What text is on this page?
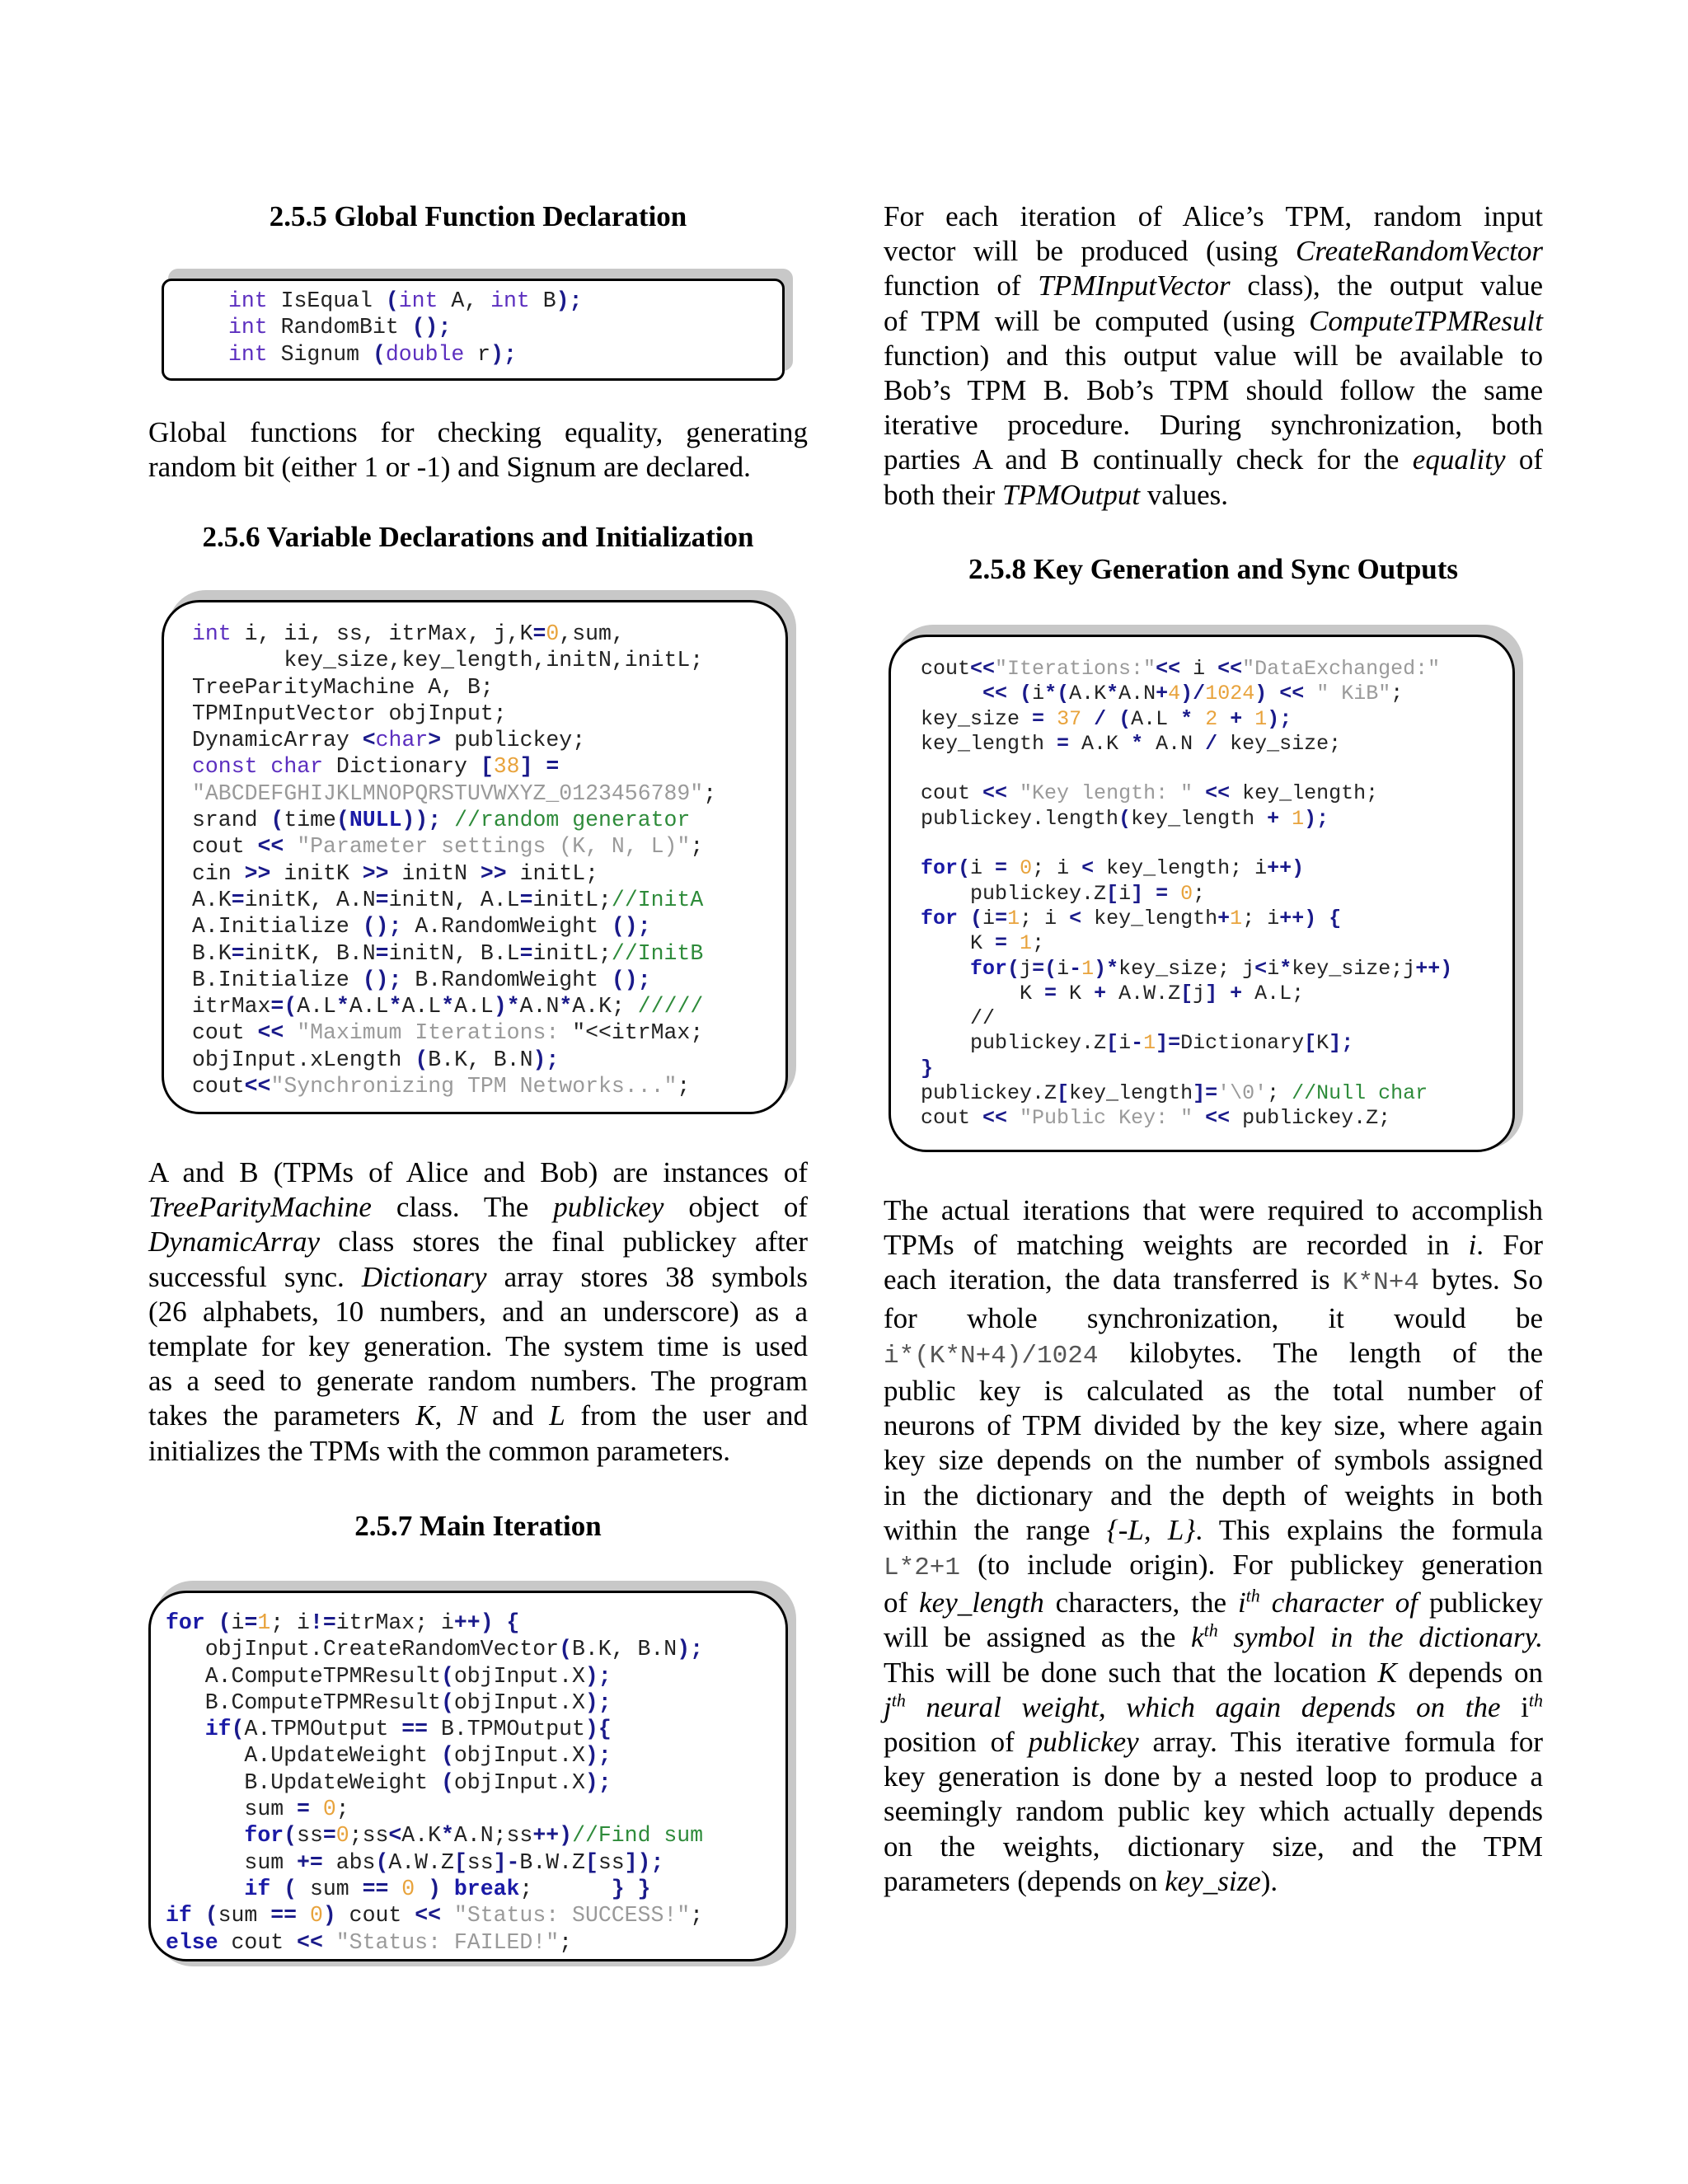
2.5.5 Global Function Declaration
int IsEqual (int A, int B);
int RandomBit ();
int Signum (double r);
Global functions for checking equality, generating
random bit (either 1 or -1) and Signum are declared.
2.5.6 Variable Declarations and Initialization
int i, ii, ss, itrMax, j,K=0,sum,
key_size,key_length,initN,initL;
TreeParityMachine A, B;
TPMInputVector objInput;
DynamicArray <char> publickey;
const char Dictionary [38] =
"ABCDEFGHIJKLMNOPQRSTUVWXYZ_0123456789";
srand (time(NULL)); //random generator
cout << "Parameter settings (K, N, L)";
cin >> initK >> initN >> initL;
A.K=initK, A.N=initN, A.L=initL;//InitA
A.Initialize (); A.RandomWeight ();
B.K=initK, B.N=initN, B.L=initL;//InitB
B.Initialize (); B.RandomWeight ();
itrMax=(A.L*A.L*A.L*A.L)*A.N*A.K; /////
cout << "Maximum Iterations: "<<itrMax;
objInput.xLength (B.K, B.N);
cout<<"Synchronizing TPM Networks...";
A and B (TPMs of Alice and Bob) are instances of
TreeParityMachine class. The publickey object of
DynamicArray class stores the final publickey after
successful sync. Dictionary array stores 38 symbols
(26 alphabets, 10 numbers, and an underscore) as a
template for key generation. The system time is used
as a seed to generate random numbers. The program
takes the parameters K, N and L from the user and
initializes the TPMs with the common parameters.
2.5.7 Main Iteration
for (i=1; i!=itrMax; i++) {
objInput.CreateRandomVector(B.K, B.N);
A.ComputeTPMResult(objInput.X);
B.ComputeTPMResult(objInput.X);
if(A.TPMOutput == B.TPMOutput){
A.UpdateWeight (objInput.X);
B.UpdateWeight (objInput.X);
sum = 0;
for(ss=0;ss<A.K*A.N;ss++)//Find sum
sum += abs(A.W.Z[ss]-B.W.Z[ss]);
if ( sum == 0 ) break;      } }
if (sum == 0) cout << "Status: SUCCESS!";
else cout << "Status: FAILED!";
For each iteration of Alice’s TPM, random input
vector will be produced (using CreateRandomVector
function of TPMInputVector class), the output value
of TPM will be computed (using ComputeTPMResult
function) and this output value will be available to
Bob’s TPM B. Bob’s TPM should follow the same
iterative procedure. During synchronization, both
parties A and B continually check for the equality of
both their TPMOutput values.
2.5.8 Key Generation and Sync Outputs
cout<<"Iterations:"<< i <<"DataExchanged:"
<< (i*(A.K*A.N+4)/1024) << " KiB";
key_size = 37 / (A.L * 2 + 1);
key_length = A.K * A.N / key_size;

cout << "Key length: " << key_length;
publickey.length(key_length + 1);

for(i = 0; i < key_length; i++)
publickey.Z[i] = 0;
for (i=1; i < key_length+1; i++) {
K = 1;
for(j=(i-1)*key_size; j<i*key_size;j++)
K = K + A.W.Z[j] + A.L;
//
publickey.Z[i-1]=Dictionary[K];
}
publickey.Z[key_length]='\0'; //Null char
cout << "Public Key: " << publickey.Z;
The actual iterations that were required to accomplish
TPMs of matching weights are recorded in i. For
each iteration, the data transferred is K*N+4 bytes. So
for whole synchronization, it would be
i*(K*N+4)/1024 kilobytes. The length of the
public key is calculated as the total number of
neurons of TPM divided by the key size, where again
key size depends on the number of symbols assigned
in the dictionary and the depth of weights in both
within the range {-L, L}. This explains the formula
L*2+1 (to include origin). For publickey generation
of key_length characters, the $i^{th}$ character of publickey
will be assigned as the $k^{th}$ symbol in the dictionary.
This will be done such that the location K depends on
$j^{th}$ neural weight, which again depends on the $i^{th}$
position of publickey array. This iterative formula for
key generation is done by a nested loop to produce a
seemingly random public key which actually depends
on the weights, dictionary size, and the TPM
parameters (depends on key_size).
